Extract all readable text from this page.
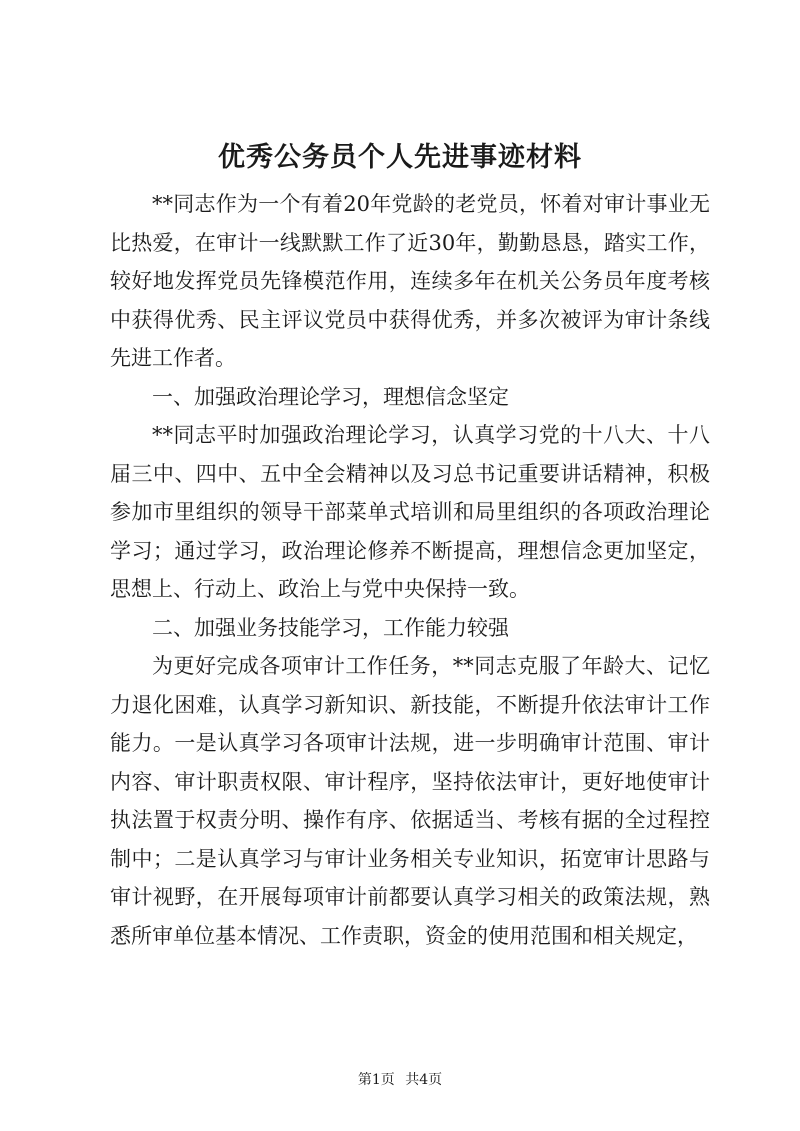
优秀公务员个人先进事迹材料

**同志作为一个有着20年党龄的老党员，怀着对审计事业无比热爱，在审计一线默默工作了近30年，勤勤恳恳，踏实工作，较好地发挥党员先锋模范作用，连续多年在机关公务员年度考核中获得优秀、民主评议党员中获得优秀，并多次被评为审计条线先进工作者。

一、加强政治理论学习，理想信念坚定

**同志平时加强政治理论学习，认真学习党的十八大、十八届三中、四中、五中全会精神以及习总书记重要讲话精神，积极参加市里组织的领导干部菜单式培训和局里组织的各项政治理论学习；通过学习，政治理论修养不断提高，理想信念更加坚定，思想上、行动上、政治上与党中央保持一致。

二、加强业务技能学习，工作能力较强

为更好完成各项审计工作任务，**同志克服了年龄大、记忆力退化困难，认真学习新知识、新技能，不断提升依法审计工作能力。一是认真学习各项审计法规，进一步明确审计范围、审计内容、审计职责权限、审计程序，坚持依法审计，更好地使审计执法置于权责分明、操作有序、依据适当、考核有据的全过程控制中；二是认真学习与审计业务相关专业知识，拓宽审计思路与审计视野，在开展每项审计前都要认真学习相关的政策法规，熟悉所审单位基本情况、工作责职，资金的使用范围和相关规定，

第1页 共4页
